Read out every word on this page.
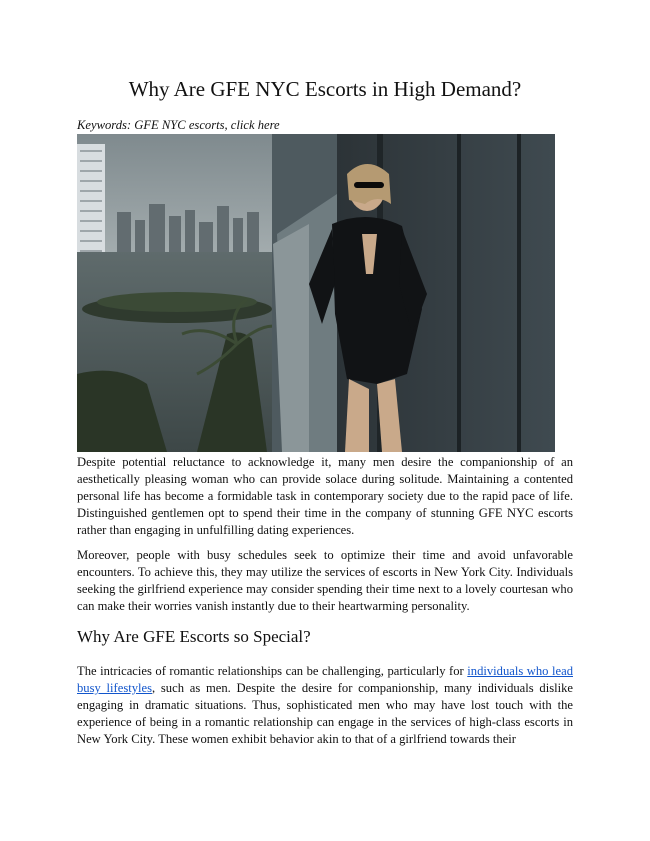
Why Are GFE NYC Escorts in High Demand?

Keywords: GFE NYC escorts, click here

Despite potential reluctance to acknowledge it, many men desire the companionship of an aesthetically pleasing woman who can provide solace during solitude. Maintaining a contented personal life has become a formidable task in contemporary society due to the rapid pace of life. Distinguished gentlemen opt to spend their time in the company of stunning GFE NYC escorts rather than engaging in unfulfilling dating experiences.

Moreover, people with busy schedules seek to optimize their time and avoid unfavorable encounters. To achieve this, they may utilize the services of escorts in New York City. Individuals seeking the girlfriend experience may consider spending their time next to a lovely courtesan who can make their worries vanish instantly due to their heartwarming personality.

Why Are GFE Escorts so Special?

The intricacies of romantic relationships can be challenging, particularly for individuals who lead busy lifestyles, such as men. Despite the desire for companionship, many individuals dislike engaging in dramatic situations. Thus, sophisticated men who may have lost touch with the experience of being in a romantic relationship can engage in the services of high-class escorts in New York City. These women exhibit behavior akin to that of a girlfriend towards their
